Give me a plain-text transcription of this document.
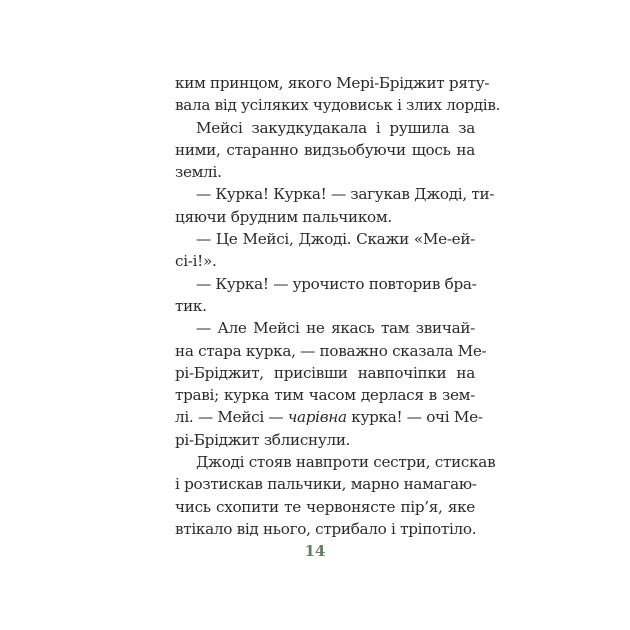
ким принцом, якого Мері-Бріджит ряту-
вала від усіляких чудовиськ і злих лордів.
Мейсі закудкудакала і рушила за
ними, старанно видзьобуючи щось на
землі.
— Курка! Курка! — загукав Джоді, ти-
цяючи брудним пальчиком.
— Це Мейсі, Джоді. Скажи «Ме-ей-
сі-і!».
— Курка! — урочисто повторив бра-
тик.
— Але Мейсі не якась там звичай-
на стара курка, — поважно сказала Ме-
рі-Бріджит, присівши навпочіпки на
траві; курка тим часом дерлася в зем-
лі. — Мейсі — чарівна курка! — очі Ме-
рі-Бріджит зблиснули.
Джоді стояв навпроти сестри, стискав
і розтискав пальчики, марно намагаю-
чись схопити те червонясте пір’я, яке
втікало від нього, стрибало і тріпотіло.
14
